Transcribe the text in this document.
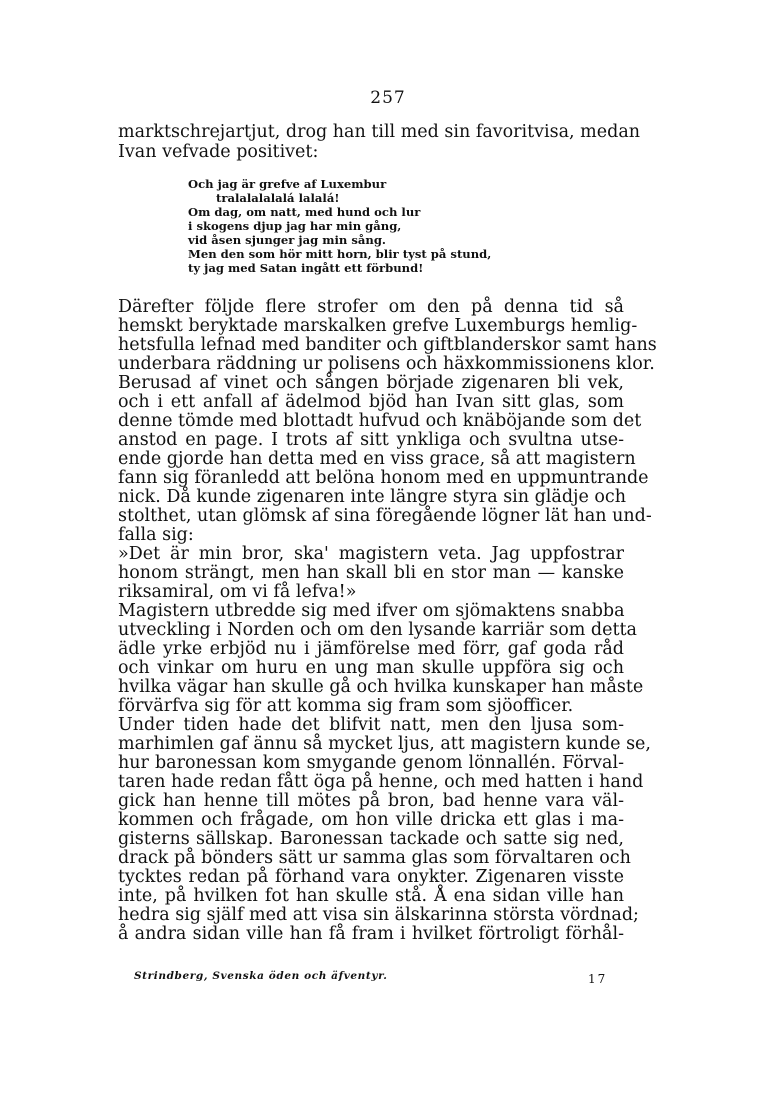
257
marktschrejartjut, drog han till med sin favoritvisa, medan
Ivan vefvade positivet:
Och jag är grefve af Luxembur
tralalalalalá lalalá!
Om dag, om natt, med hund och lur
i skogens djup jag har min gång,
vid åsen sjunger jag min sång.
Men den som hör mitt horn, blir tyst på stund,
ty jag med Satan ingått ett förbund!
Därefter följde flere strofer om den på denna tid så
hemskt beryktade marskalken grefve Luxemburgs hemlig-
hetsfulla lefnad med banditer och giftblanderskor samt hans
underbara räddning ur polisens och häxkommissionens klor.
Berusad af vinet och sången började zigenaren bli vek,
och i ett anfall af ädelmod bjöd han Ivan sitt glas, som
denne tömde med blottadt hufvud och knäböjande som det
anstod en page. I trots af sitt ynkliga och svultna utse-
ende gjorde han detta med en viss grace, så att magistern
fann sig föranledd att belöna honom med en uppmuntrande
nick. Då kunde zigenaren inte längre styra sin glädje och
stolthet, utan glömsk af sina föregående lögner lät han und-
falla sig:
»Det är min bror, ska' magistern veta. Jag uppfostrar
honom strängt, men han skall bli en stor man — kanske
riksamiral, om vi få lefva!»
Magistern utbredde sig med ifver om sjömaktens snabba
utveckling i Norden och om den lysande karriär som detta
ädle yrke erbjöd nu i jämförelse med förr, gaf goda råd
och vinkar om huru en ung man skulle uppföra sig och
hvilka vägar han skulle gå och hvilka kunskaper han måste
förvärfva sig för att komma sig fram som sjöofficer.
Under tiden hade det blifvit natt, men den ljusa som-
marhimlen gaf ännu så mycket ljus, att magistern kunde se,
hur baronessan kom smygande genom lönnallén. Förval-
taren hade redan fått öga på henne, och med hatten i hand
gick han henne till mötes på bron, bad henne vara väl-
kommen och frågade, om hon ville dricka ett glas i ma-
gisterns sällskap. Baronessan tackade och satte sig ned,
drack på bönders sätt ur samma glas som förvaltaren och
tycktes redan på förhand vara onykter. Zigenaren visste
inte, på hvilken fot han skulle stå. Å ena sidan ville han
hedra sig själf med att visa sin älskarinna största vördnad;
å andra sidan ville han få fram i hvilket förtroligt förhål-
Strindberg, Svenska öden och äfventyr.	17
